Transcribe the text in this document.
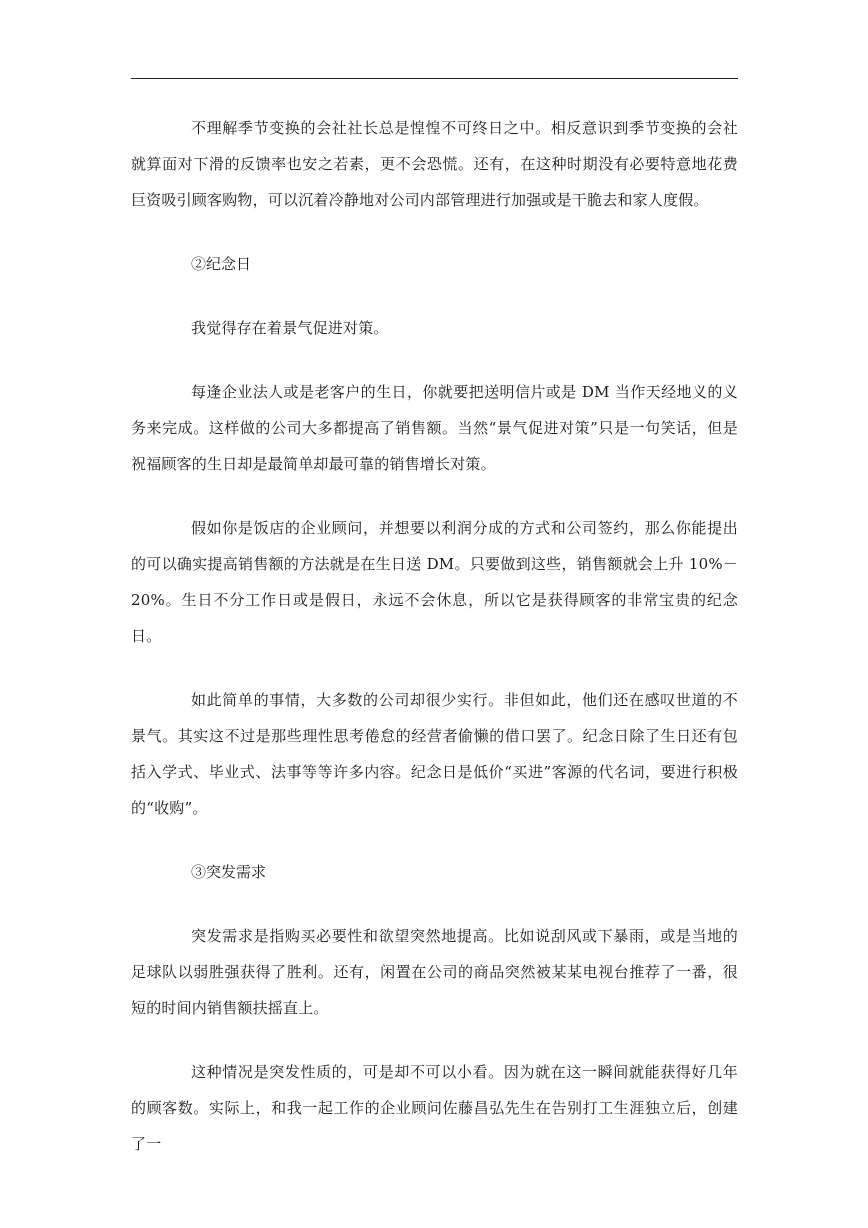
不理解季节变换的会社社长总是惶惶不可终日之中。相反意识到季节变换的会社就算面对下滑的反馈率也安之若素，更不会恐慌。还有，在这种时期没有必要特意地花费巨资吸引顾客购物，可以沉着冷静地对公司内部管理进行加强或是干脆去和家人度假。

②纪念日

我觉得存在着景气促进对策。

每逢企业法人或是老客户的生日，你就要把送明信片或是 DM 当作天经地义的义务来完成。这样做的公司大多都提高了销售额。当然“景气促进对策”只是一句笑话，但是祝福顾客的生日却是最简单却最可靠的销售增长对策。

假如你是饭店的企业顾问，并想要以利润分成的方式和公司签约，那么你能提出的可以确实提高销售额的方法就是在生日送 DM。只要做到这些，销售额就会上升 10%－20%。生日不分工作日或是假日，永远不会休息，所以它是获得顾客的非常宝贵的纪念日。

如此简单的事情，大多数的公司却很少实行。非但如此，他们还在感叹世道的不景气。其实这不过是那些理性思考倦怠的经营者偷懒的借口罢了。纪念日除了生日还有包括入学式、毕业式、法事等等许多内容。纪念日是低价“买进”客源的代名词，要进行积极的“收购”。

③突发需求

突发需求是指购买必要性和欲望突然地提高。比如说刮风或下暴雨，或是当地的足球队以弱胜强获得了胜利。还有，闲置在公司的商品突然被某某电视台推荐了一番，很短的时间内销售额扶摇直上。

这种情况是突发性质的，可是却不可以小看。因为就在这一瞬间就能获得好几年的顾客数。实际上，和我一起工作的企业顾问佐藤昌弘先生在告别打工生涯独立后，创建了一
